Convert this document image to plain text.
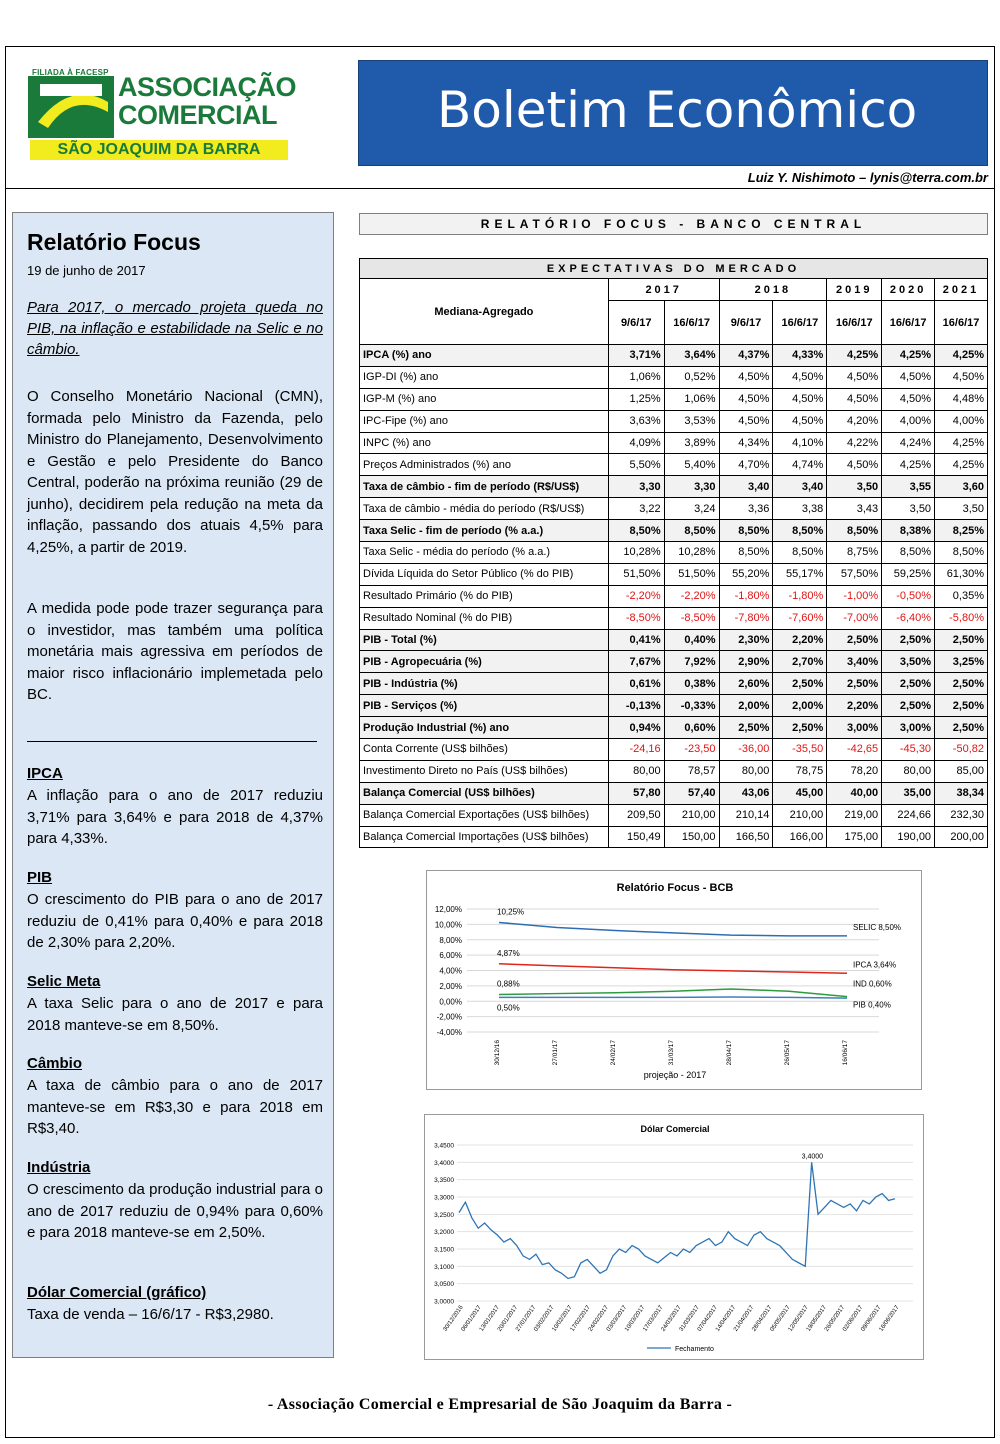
FILIADA À FACESP ASSOCIAÇÃO
COMERCIAL
SÃO JOAQUIM DA BARRA
Boletim Econômico
Luiz Y. Nishimoto – lynis@terra.com.br
Relatório Focus
19 de junho de 2017
Para 2017, o mercado projeta queda no PIB, na inflação e estabilidade na Selic e no câmbio.
O Conselho Monetário Nacional (CMN), formada pelo Ministro da Fazenda, pelo Ministro do Planejamento, Desenvolvimento e Gestão e pelo Presidente do Banco Central, poderão na próxima reunião (29 de junho), decidirem pela redução na meta da inflação, passando dos atuais 4,5% para 4,25%, a partir de 2019.
A medida pode pode trazer segurança para o investidor, mas também uma política monetária mais agressiva em períodos de maior risco inflacionário implemetada pelo BC.
IPCA
A inflação para o ano de 2017 reduziu 3,71% para 3,64% e para 2018 de 4,37% para 4,33%.
PIB
O crescimento do PIB para o ano de 2017 reduziu de 0,41% para 0,40% e para 2018 de 2,30% para 2,20%.
Selic Meta
A taxa Selic para o ano de 2017 e para 2018 manteve-se em 8,50%.
Câmbio
A taxa de câmbio para o ano de 2017 manteve-se em R$3,30 e para 2018 em R$3,40.
Indústria
O crescimento da produção industrial para o ano de 2017 reduziu de 0,94% para 0,60% e para 2018 manteve-se em 2,50%.
Dólar Comercial (gráfico)
Taxa de venda – 16/6/17 - R$3,2980.
RELATÓRIO FOCUS - BANCO CENTRAL
EXPECTATIVAS DO MERCADO							
Mediana-Agregado	2017		2018		2019	2020	2021
	9/6/17	16/6/17	9/6/17	16/6/17	16/6/17	16/6/17	16/6/17
IPCA (%) ano	3,71%	3,64%	4,37%	4,33%	4,25%	4,25%	4,25%
IGP-DI (%) ano	1,06%	0,52%	4,50%	4,50%	4,50%	4,50%	4,50%
IGP-M (%) ano	1,25%	1,06%	4,50%	4,50%	4,50%	4,50%	4,48%
IPC-Fipe (%) ano	3,63%	3,53%	4,50%	4,50%	4,20%	4,00%	4,00%
INPC (%) ano	4,09%	3,89%	4,34%	4,10%	4,22%	4,24%	4,25%
Preços Administrados (%) ano	5,50%	5,40%	4,70%	4,74%	4,50%	4,25%	4,25%
Taxa de câmbio - fim de período (R$/US$)	3,30	3,30	3,40	3,40	3,50	3,55	3,60
Taxa de câmbio - média do período (R$/US$)	3,22	3,24	3,36	3,38	3,43	3,50	3,50
Taxa Selic - fim de período (% a.a.)	8,50%	8,50%	8,50%	8,50%	8,50%	8,38%	8,25%
Taxa Selic - média do período (% a.a.)	10,28%	10,28%	8,50%	8,50%	8,75%	8,50%	8,50%
Dívida Líquida do Setor Público (% do PIB)	51,50%	51,50%	55,20%	55,17%	57,50%	59,25%	61,30%
Resultado Primário (% do PIB)	-2,20%	-2,20%	-1,80%	-1,80%	-1,00%	-0,50%	0,35%
Resultado Nominal (% do PIB)	-8,50%	-8,50%	-7,80%	-7,60%	-7,00%	-6,40%	-5,80%
PIB - Total (%)	0,41%	0,40%	2,30%	2,20%	2,50%	2,50%	2,50%
PIB - Agropecuária (%)	7,67%	7,92%	2,90%	2,70%	3,40%	3,50%	3,25%
PIB - Indústria (%)	0,61%	0,38%	2,60%	2,50%	2,50%	2,50%	2,50%
PIB - Serviços (%)	-0,13%	-0,33%	2,00%	2,00%	2,20%	2,50%	2,50%
Produção Industrial (%) ano	0,94%	0,60%	2,50%	2,50%	3,00%	3,00%	2,50%
Conta Corrente (US$ bilhões)	-24,16	-23,50	-36,00	-35,50	-42,65	-45,30	-50,82
Investimento Direto no País (US$ bilhões)	80,00	78,57	80,00	78,75	78,20	80,00	85,00
Balança Comercial (US$ bilhões)	57,80	57,40	43,06	45,00	40,00	35,00	38,34
Balança Comercial Exportações (US$ bilhões)	209,50	210,00	210,14	210,00	219,00	224,66	232,30
Balança Comercial Importações (US$ bilhões)	150,49	150,00	166,50	166,00	175,00	190,00	200,00
Relatório Focus - BCB
12,00%
10,00%
8,00%
6,00%
4,00%
2,00%
0,00%
-2,00%
-4,00%
30/12/16	27/01/17	24/02/17	31/03/17	28/04/17	26/05/17	16/06/17
projeção - 2017
10,25%
SELIC 8,50%
4,87%
IPCA 3,64%
0,88%	IND 0,60%
0,50%	PIB 0,40%
Dólar Comercial
3,4500
3,4000
3,3500
3,3000
3,2500
3,2000
3,1500
3,1000
3,0500
3,0000
3,4000
30/12/2016
06/01/2017
13/01/2017
20/01/2017
27/01/2017
03/02/2017
10/02/2017
17/02/2017
24/02/2017
03/03/2017
10/03/2017
17/03/2017
24/03/2017
31/03/2017
07/04/2017
14/04/2017
21/04/2017
28/04/2017
05/05/2017
12/05/2017
19/05/2017
26/05/2017
02/06/2017
09/06/2017
16/06/2017
Fechamento
- Associação Comercial e Empresarial de São Joaquim da Barra -
